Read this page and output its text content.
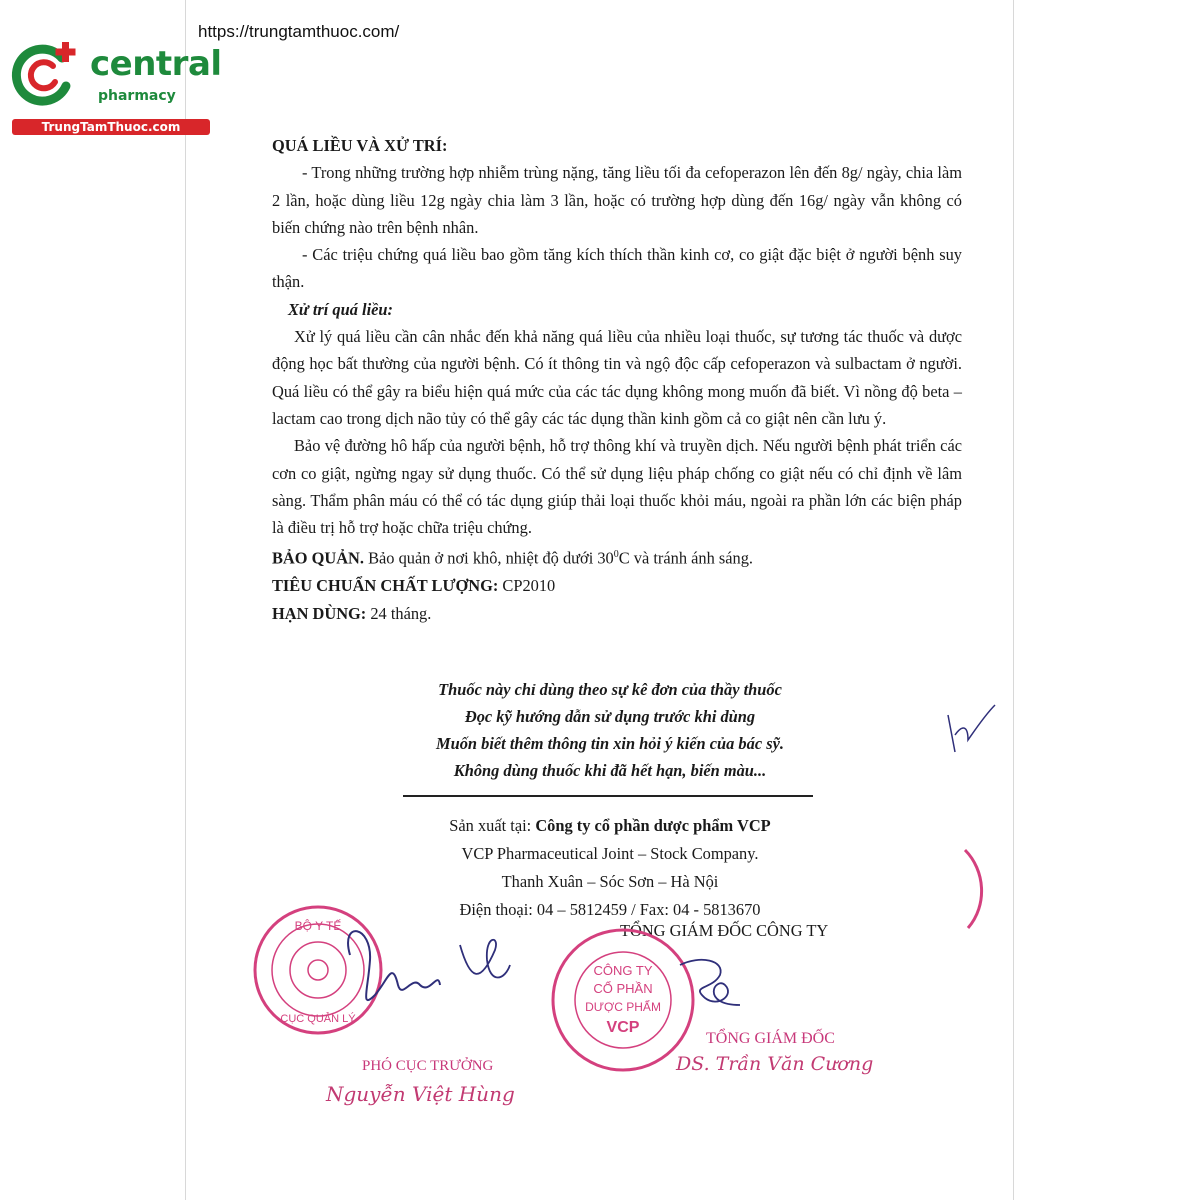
https://trungtamthuoc.com/
central
pharmacy
TrungTamThuoc.com

QUÁ LIỀU VÀ XỬ TRÍ:

- Trong những trường hợp nhiễm trùng nặng, tăng liều tối đa cefoperazon lên đến 8g/ ngày, chia làm 2 lần, hoặc dùng liều 12g ngày chia làm 3 lần, hoặc có trường hợp dùng đến 16g/ ngày vẫn không có biến chứng nào trên bệnh nhân.

- Các triệu chứng quá liều bao gồm tăng kích thích thần kinh cơ, co giật đặc biệt ở người bệnh suy thận.

Xử trí quá liều:

Xử lý quá liều cần cân nhắc đến khả năng quá liều của nhiều loại thuốc, sự tương tác thuốc và dược động học bất thường của người bệnh. Có ít thông tin và ngộ độc cấp cefoperazon và sulbactam ở người. Quá liều có thể gây ra biểu hiện quá mức của các tác dụng không mong muốn đã biết. Vì nồng độ beta – lactam cao trong dịch não tủy có thể gây các tác dụng thần kinh gồm cả co giật nên cần lưu ý.

Bảo vệ đường hô hấp của người bệnh, hỗ trợ thông khí và truyền dịch. Nếu người bệnh phát triển các cơn co giật, ngừng ngay sử dụng thuốc. Có thể sử dụng liệu pháp chống co giật nếu có chỉ định về lâm sàng. Thẩm phân máu có thể có tác dụng giúp thải loại thuốc khỏi máu, ngoài ra phần lớn các biện pháp là điều trị hỗ trợ hoặc chữa triệu chứng.

BẢO QUẢN. Bảo quản ở nơi khô, nhiệt độ dưới $30^0C$ và tránh ánh sáng.

TIÊU CHUẨN CHẤT LƯỢNG: CP2010

HẠN DÙNG: 24 tháng.

Thuốc này chỉ dùng theo sự kê đơn của thầy thuốc
Đọc kỹ hướng dẫn sử dụng trước khi dùng
Muốn biết thêm thông tin xin hỏi ý kiến của bác sỹ.
Không dùng thuốc khi đã hết hạn, biến màu...
Sản xuất tại: Công ty cổ phần dược phẩm VCP
VCP Pharmaceutical Joint – Stock Company.
Thanh Xuân – Sóc Sơn – Hà Nội
Điện thoại: 04 – 5812459 / Fax: 04 - 5813670
TỔNG GIÁM ĐỐC CÔNG TY
BỘ Y TẾ
CỤC QUẢN LÝ
CÔNG TY
CỔ PHẦN
DƯỢC PHẨM
VCP
PHÓ CỤC TRƯỞNG
Nguyễn Việt Hùng
TỔNG GIÁM ĐỐC
DS. Trần Văn Cương
